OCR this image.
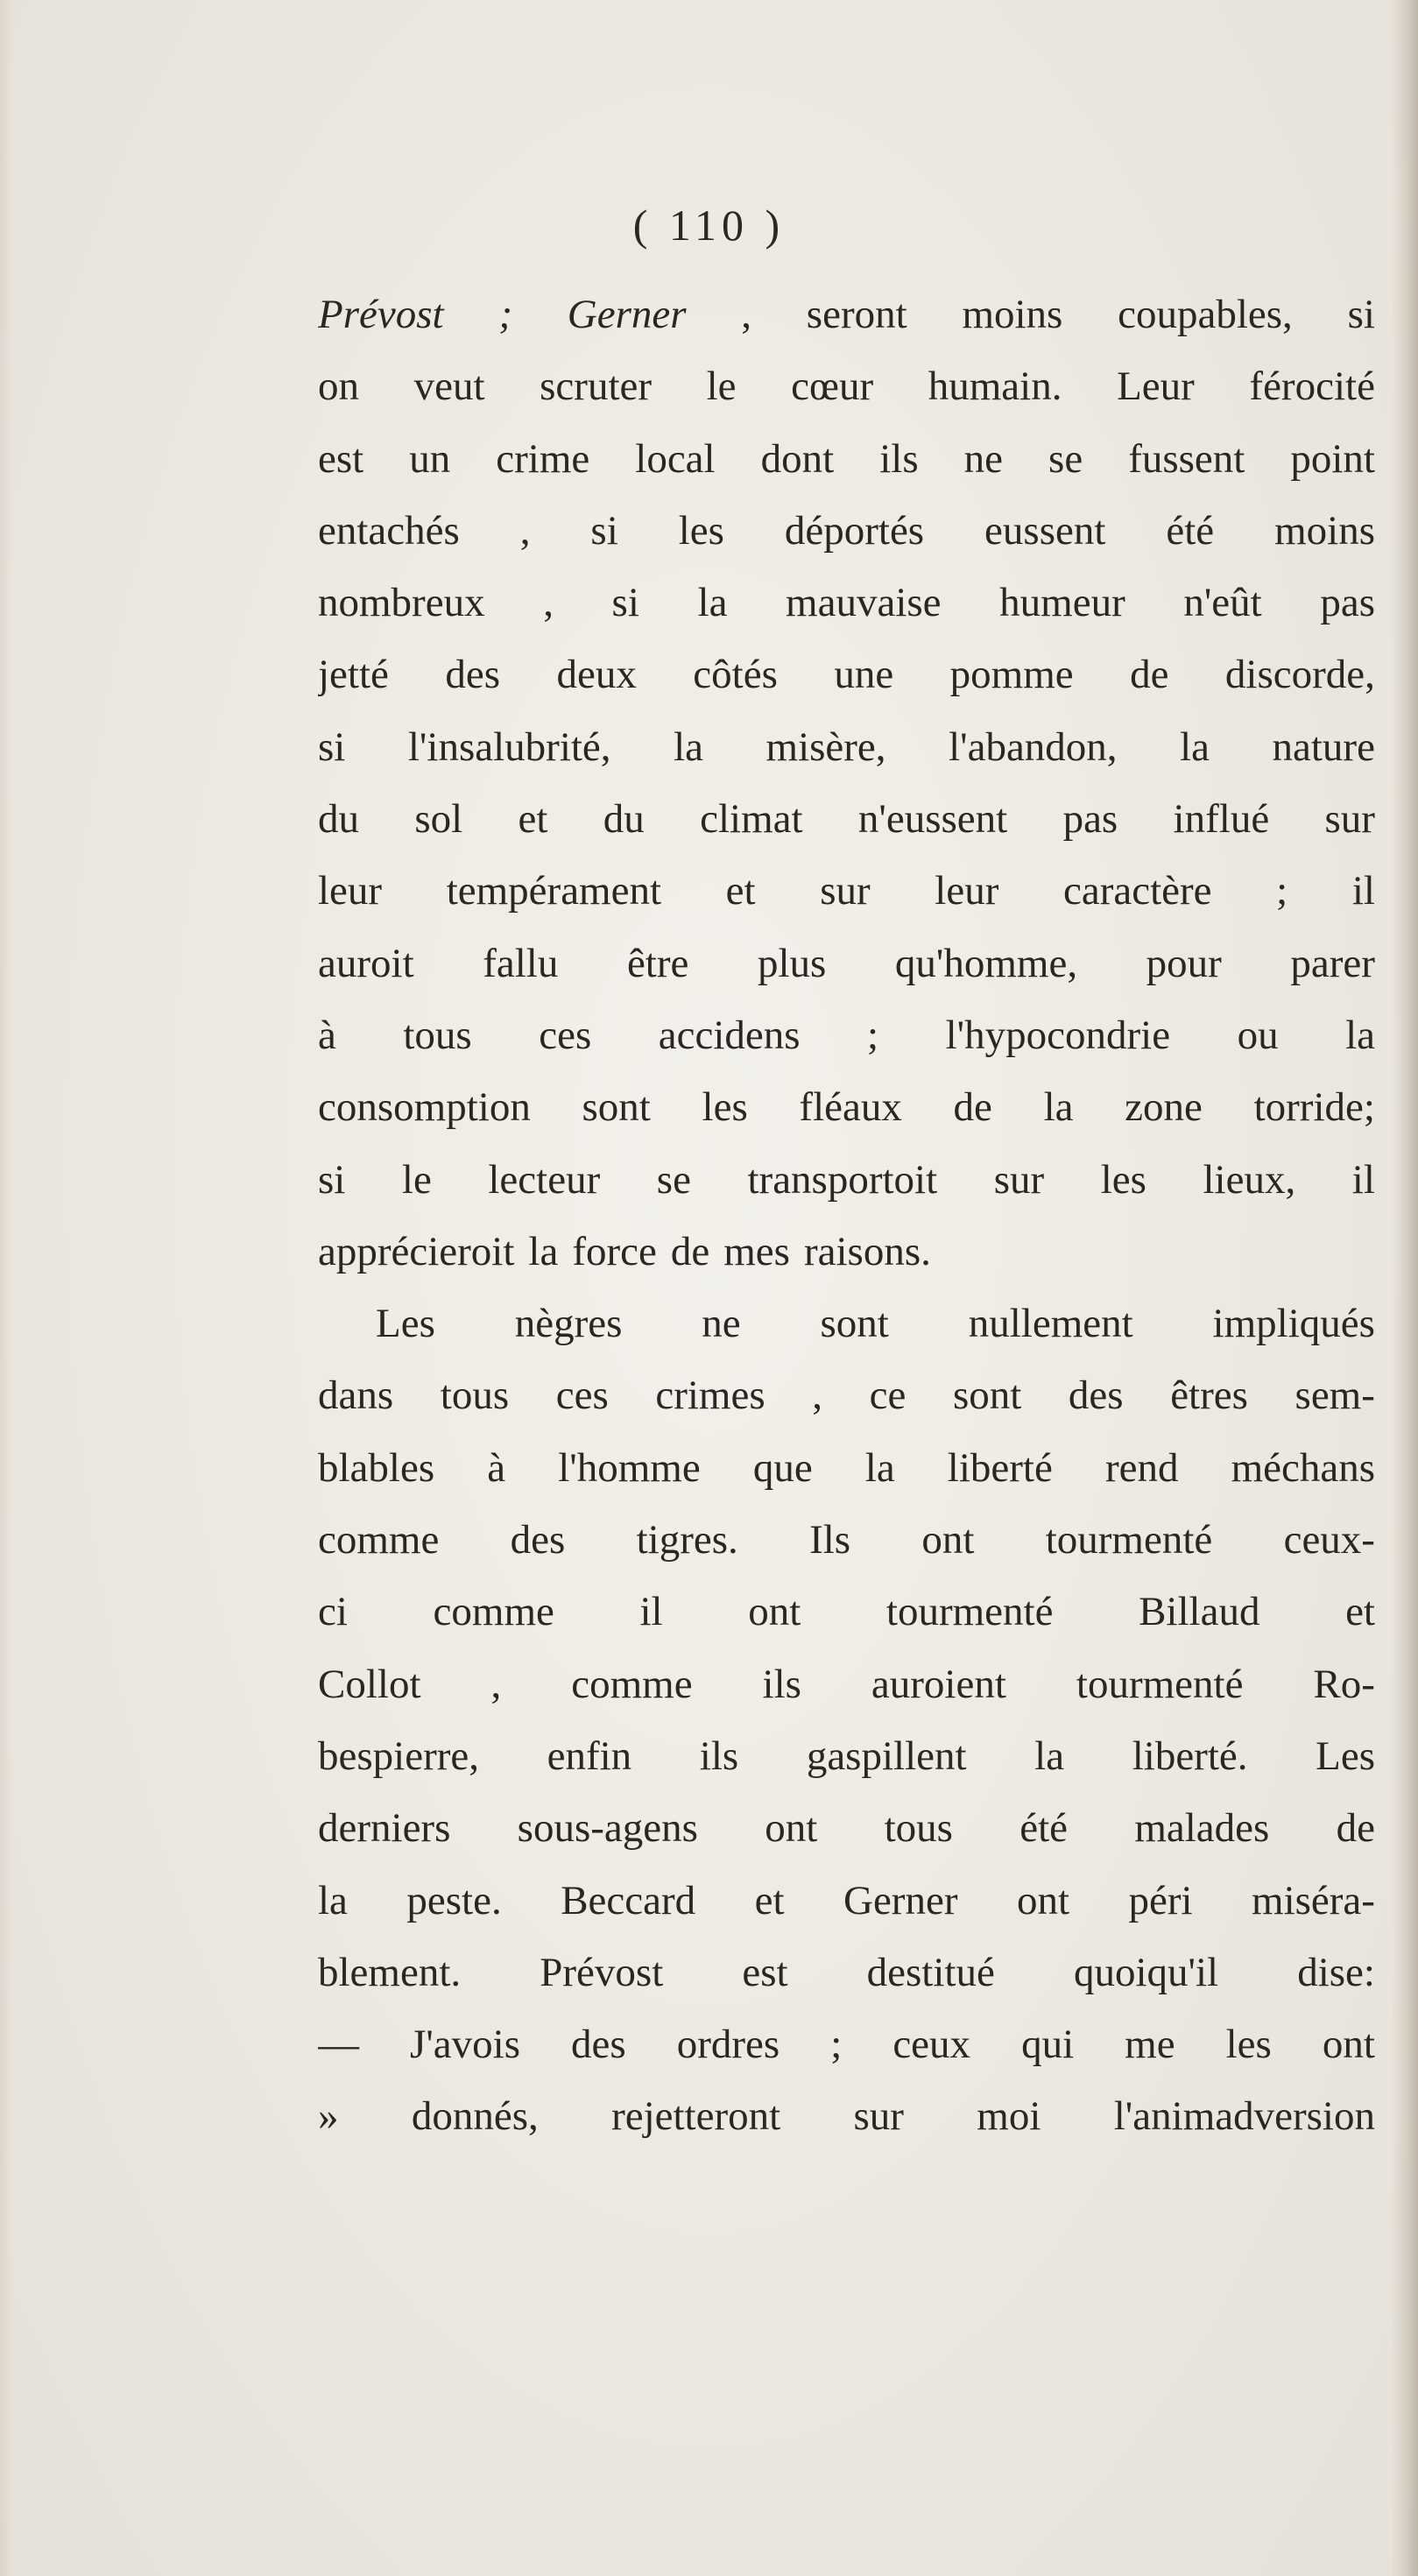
( 110 )
Prévost ; Gerner , seront moins coupables, si
on veut scruter le cœur humain. Leur férocité
est un crime local dont ils ne se fussent point
entachés , si les déportés eussent été moins
nombreux , si la mauvaise humeur n'eût pas
jetté des deux côtés une pomme de discorde,
si l'insalubrité, la misère, l'abandon, la nature
du sol et du climat n'eussent pas influé sur
leur tempérament et sur leur caractère ; il
auroit fallu être plus qu'homme, pour parer
à tous ces accidens ; l'hypocondrie ou la
consomption sont les fléaux de la zone torride;
si le lecteur se transportoit sur les lieux, il
apprécieroit la force de mes raisons.
Les nègres ne sont nullement impliqués
dans tous ces crimes , ce sont des êtres sem-
blables à l'homme que la liberté rend méchans
comme des tigres. Ils ont tourmenté ceux-
ci comme il ont tourmenté Billaud et
Collot , comme ils auroient tourmenté Ro-
bespierre, enfin ils gaspillent la liberté. Les
derniers sous-agens ont tous été malades de
la peste. Beccard et Gerner ont péri miséra-
blement. Prévost est destitué quoiqu'il dise:
— J'avois des ordres ; ceux qui me les ont
» donnés, rejetteront sur moi l'animadversion
